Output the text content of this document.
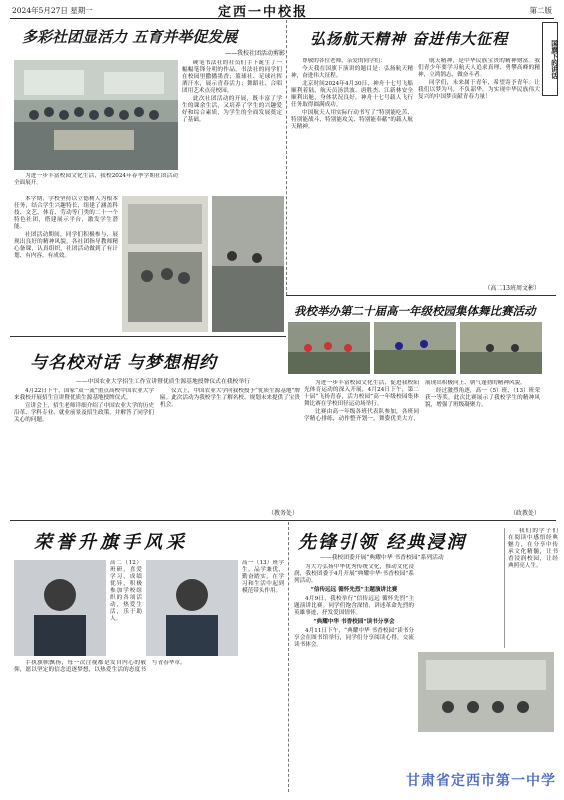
2024年5月27日 星期一	定西一中校报	第二版
多彩社团显活力 五育并举促发展
——我校社团活动剪影

为进一步丰富校园文化生活，我校2024年春季学期社团活动全面展开。

本学期，学校坚持以立德树人为根本任务，结合学生兴趣特长，组建了涵盖科技、文艺、体育、劳动等门类的二十一个特色社团，搭建展示平台，激发学生潜能。

社团活动期间，同学们积极参与，展现出良好的精神风貌。各社团指导教师精心备课，认真组织，社团活动做到了有计划、有内容、有成效。

硬笔书法社的社员们手下诞生了一幅幅笔锋分明的作品，书法社的同学们在校园里撒播墨香；篮球社、足球社挥洒汗水，展示青春活力；舞蹈社、合唱团用艺术点亮校园。

此次社团活动的开展，既丰富了学生的课余生活，又培养了学生的兴趣爱好和综合素质，为学生的全面发展奠定了基础。

弘扬航天精神 奋进伟大征程
国旗下的讲话

尊敬的各位老师，亲爱的同学们：

今天我在国旗下演讲的题目是：弘扬航天精神，奋进伟大征程。

北京时间2024年4月30日，神舟十七号飞船顺利着陆，航天员汤洪波、唐胜杰、江新林安全顺利出舱，身体状况良好，神舟十七号载人飞行任务取得圆满成功。

中国航天人用实际行动书写了“特别能吃苦、特别能战斗、特别能攻关、特别能奉献”的载人航天精神。

航天精神，是中华民族宝贵的精神财富。我们青少年要学习航天人追求真理、勇攀高峰的精神，立鸿鹄志，做奋斗者。

同学们，未来属于青年，希望寄予青年。让我们以梦为马，不负韶华，为实现中华民族伟大复兴的中国梦贡献青春力量！

（高二13班周文彬）
我校举办第二十届高一年级校园集体舞比赛活动
与名校对话 与梦想相约
——中国农业大学招生工作宣讲暨优质生源基地授牌仪式在我校举行

4月22日下午，国家“双一流”重点高校中国农业大学来我校开展招生宣讲暨优质生源基地授牌仪式。

宣讲会上，招生老师详细介绍了中国农业大学的历史沿革、学科专业、就业前景及招生政策，并解答了同学们关心的问题。

仪式上，中国农业大学向我校授予“优质生源基地”牌匾。此次活动为我校学生了解名校、规划未来提供了宝贵机会。

（教务处）

为进一步丰富校园文化生活，促进我校阳光体育运动的深入开展，4月24日下午，第二十届“飞扬青春，活力校园”高一年级校园集体舞比赛在学校田径运动场举行。

比赛由高一年级各班代表队参加，各班同学精心排练，动作整齐划一，舞姿优美大方，展现出积极向上、朝气蓬勃的精神风貌。

经过激烈角逐，高一（5）班、（13）班荣获一等奖。此次比赛展示了我校学生的精神风貌，增强了班级凝聚力。

（政教处）
荣誉升旗手风采

高二（12）班研，喜爱学习，成绩优异，积极参加学校组织的各项活动，热爱生活，乐于助人。

高一（13）班学生，品学兼优，勤奋踏实，在学习和生活中起到模范带头作用。

手执旗帜飘扬，每一次注视都是发自内心的敬仰，愿以坚定的信念追逐梦想，以热爱生活的态度书写青春华章。

先锋引领 经典浸润
——我校团委开展“典耀中华 书香校园”系列活动

我们的学子们在阅读中感悟经典魅力，在分享中传承文化精髓，让书香浸润校园，让经典照亮人生。

为大力弘扬中华优秀传统文化，推动文化浸润，我校团委于4月开展“典耀中华·书香校园”系列活动。

“信传远远 循怀先烈”主题演讲比赛

4月9日，我校举行“信传远远 循怀先烈”主题演讲比赛。同学们饱含深情，讲述革命先烈的英雄事迹，抒发爱国情怀。

“典耀中华 书香校园”读书分享会

4月11日下午，“典耀中华 书香校园”读书分享会在图书馆举行，同学们分享阅读心得，交流读书体会。

甘肃省定西市第一中学
